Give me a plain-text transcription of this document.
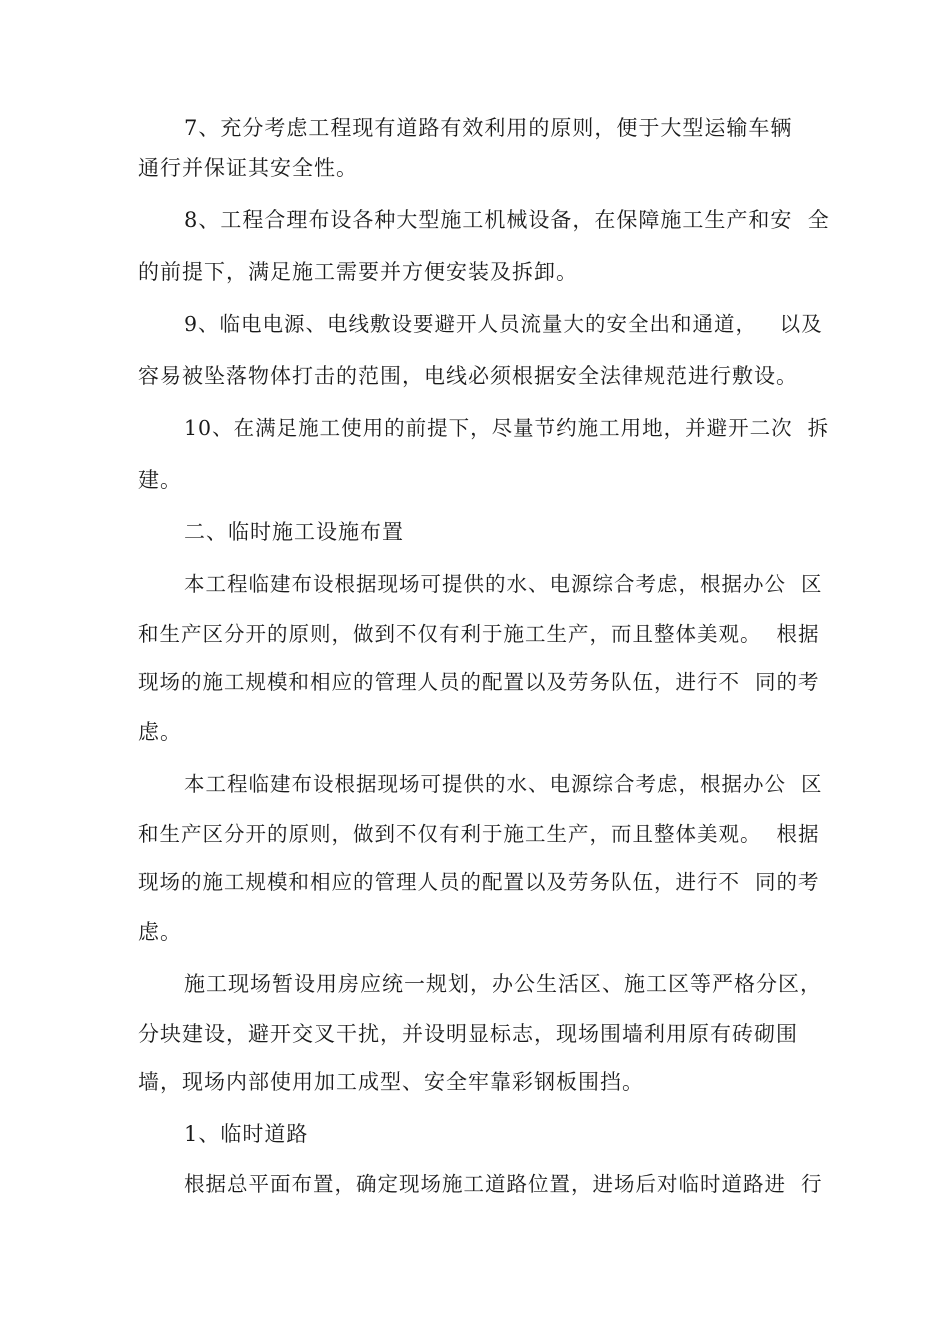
7、充分考虑工程现有道路有效利用的原则，便于大型运输车辆
通行并保证其安全性。
8、工程合理布设各种大型施工机械设备，在保障施工生产和安  全
的前提下，满足施工需要并方便安装及拆卸。
9、临电电源、电线敷设要避开人员流量大的安全出和通道，   以及
容易被坠落物体打击的范围，电线必须根据安全法律规范进行敷设。
10、在满足施工使用的前提下，尽量节约施工用地，并避开二次  拆
建。
二、临时施工设施布置
本工程临建布设根据现场可提供的水、电源综合考虑，根据办公  区
和生产区分开的原则，做到不仅有利于施工生产，而且整体美观。  根据
现场的施工规模和相应的管理人员的配置以及劳务队伍，进行不  同的考
虑。
本工程临建布设根据现场可提供的水、电源综合考虑，根据办公  区
和生产区分开的原则，做到不仅有利于施工生产，而且整体美观。  根据
现场的施工规模和相应的管理人员的配置以及劳务队伍，进行不  同的考
虑。
施工现场暂设用房应统一规划，办公生活区、施工区等严格分区，
分块建设，避开交叉干扰，并设明显标志，现场围墙利用原有砖砌围
墙，现场内部使用加工成型、安全牢靠彩钢板围挡。
1、临时道路
根据总平面布置，确定现场施工道路位置，进场后对临时道路进  行
